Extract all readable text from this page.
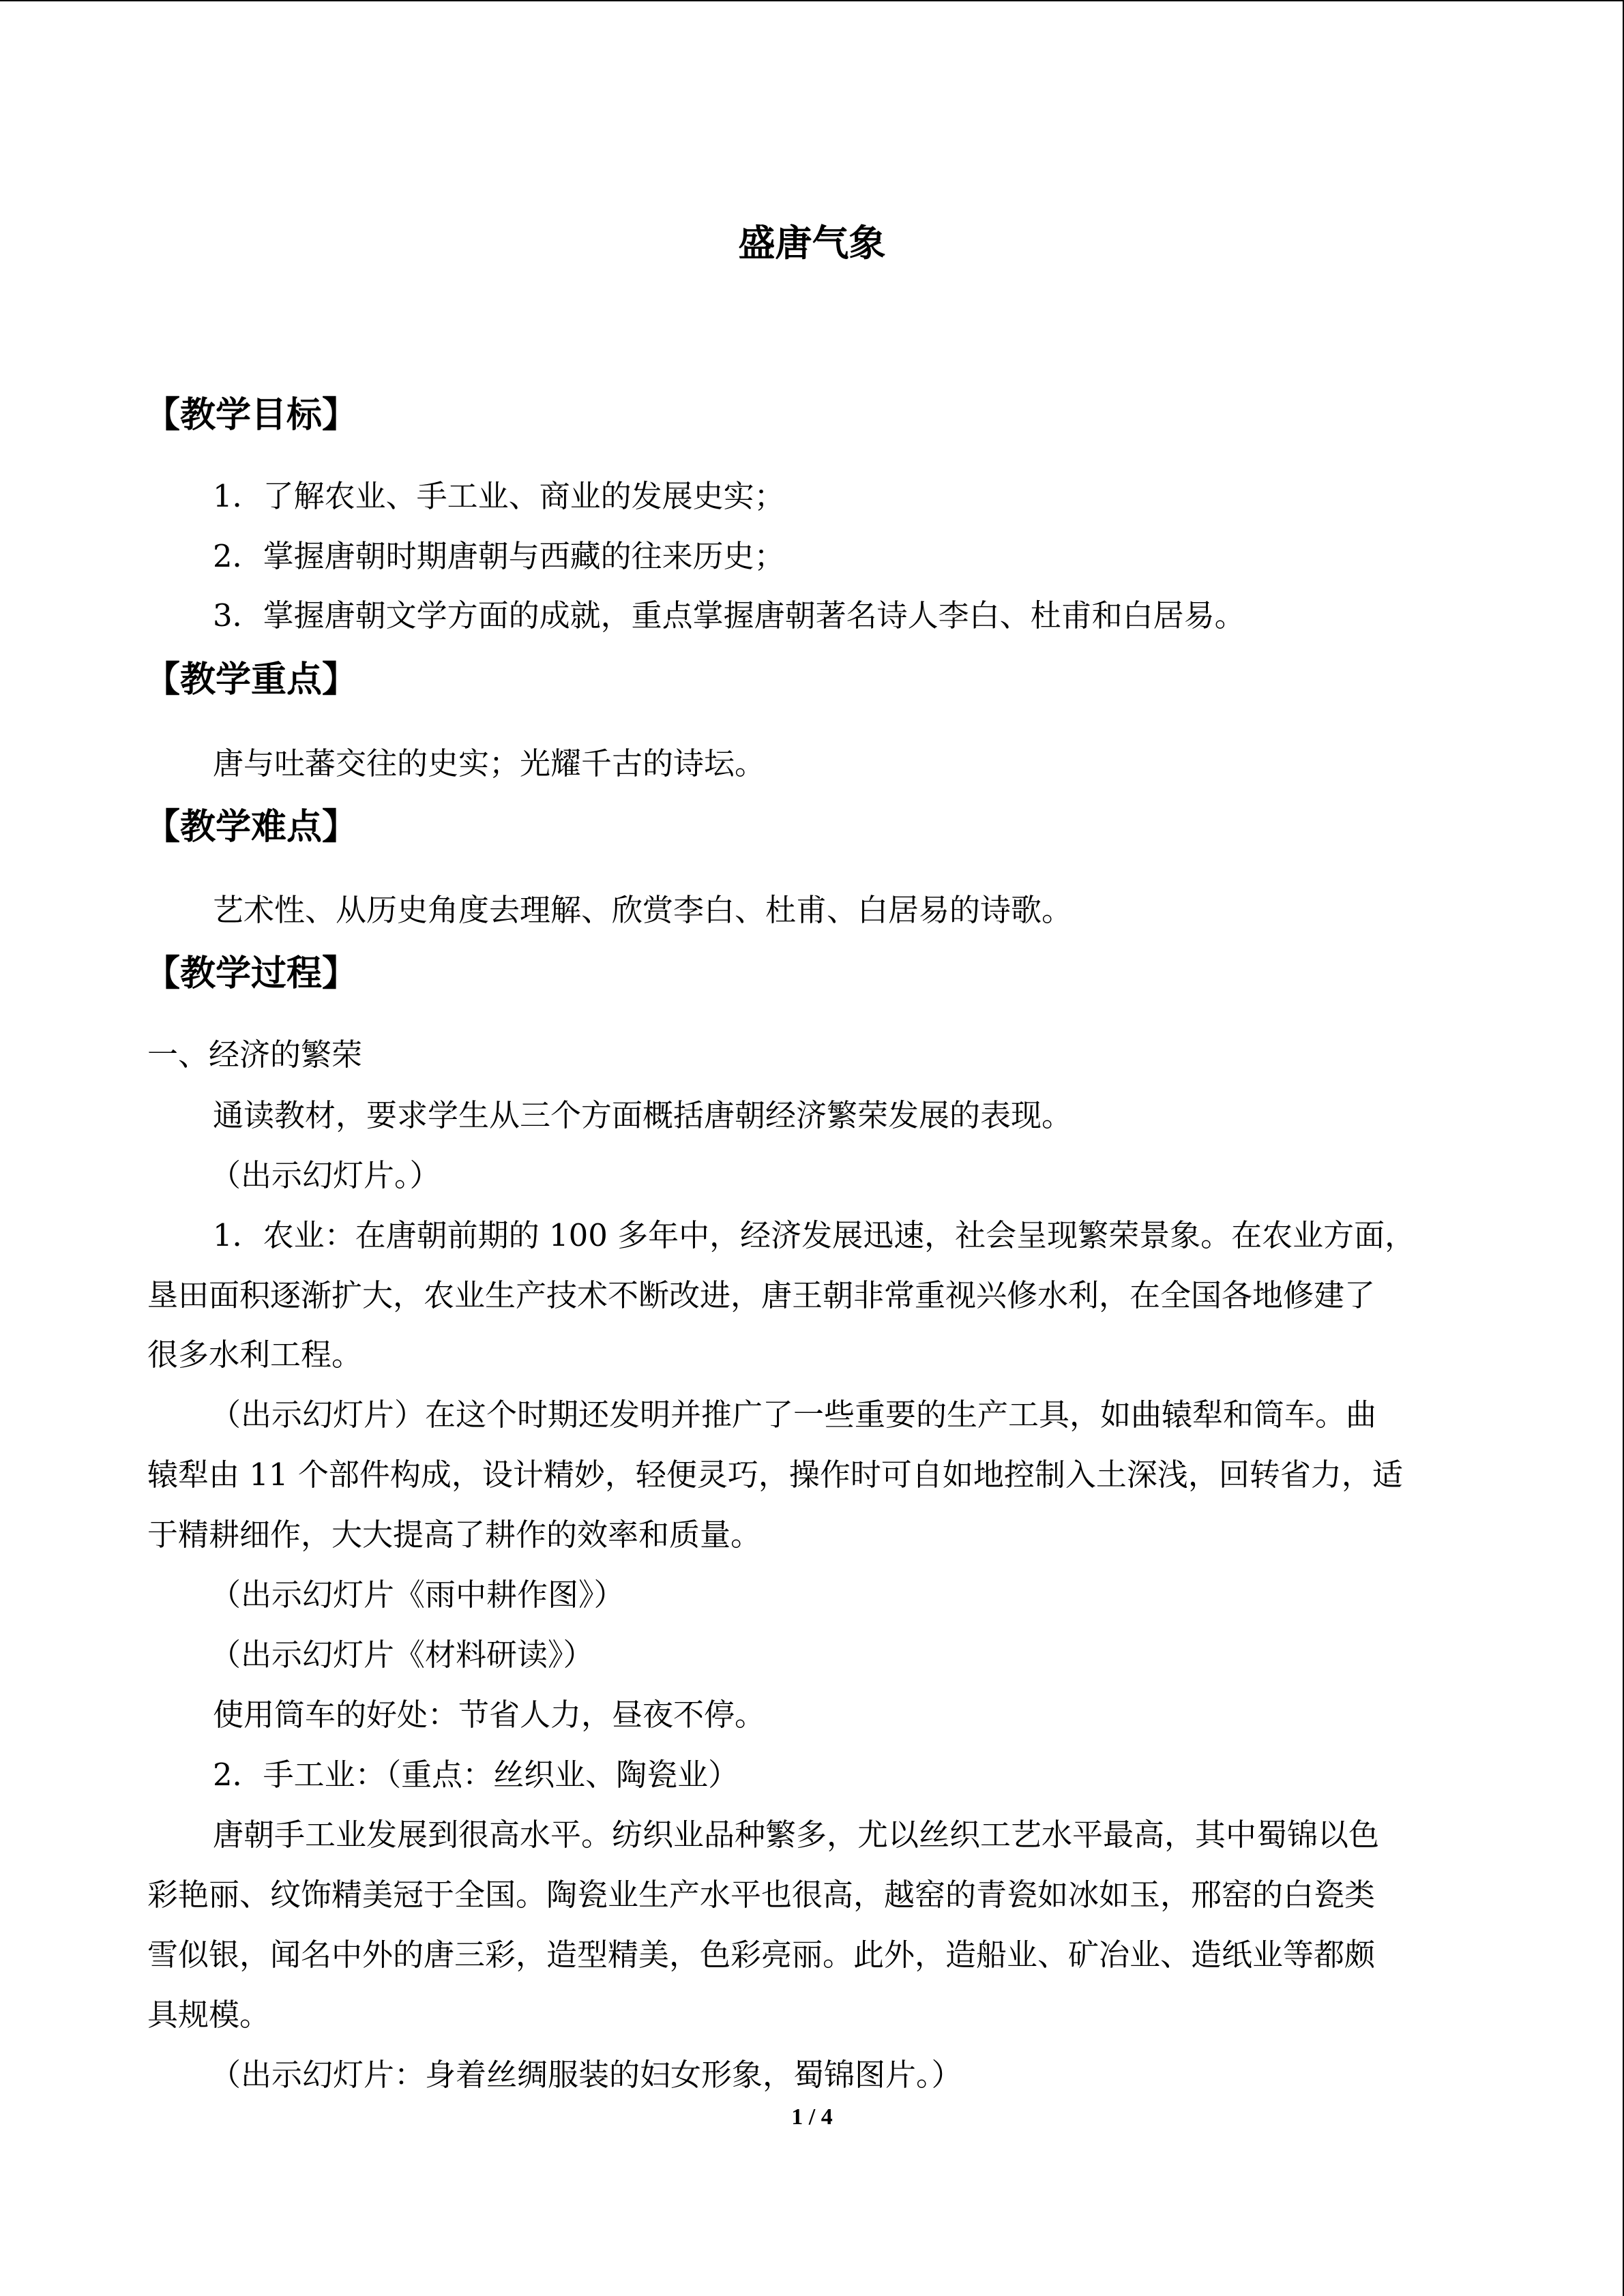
盛唐气象
【教学目标】
1．了解农业、手工业、商业的发展史实；
2．掌握唐朝时期唐朝与西藏的往来历史；
3．掌握唐朝文学方面的成就，重点掌握唐朝著名诗人李白、杜甫和白居易。
【教学重点】
唐与吐蕃交往的史实；光耀千古的诗坛。
【教学难点】
艺术性、从历史角度去理解、欣赏李白、杜甫、白居易的诗歌。
【教学过程】
一、经济的繁荣
通读教材，要求学生从三个方面概括唐朝经济繁荣发展的表现。
（出示幻灯片。）
1．农业：在唐朝前期的 100 多年中，经济发展迅速，社会呈现繁荣景象。在农业方面，
垦田面积逐渐扩大，农业生产技术不断改进，唐王朝非常重视兴修水利，在全国各地修建了
很多水利工程。
（出示幻灯片）在这个时期还发明并推广了一些重要的生产工具，如曲辕犁和筒车。曲
辕犁由 11 个部件构成，设计精妙，轻便灵巧，操作时可自如地控制入土深浅，回转省力，适
于精耕细作，大大提高了耕作的效率和质量。
（出示幻灯片《雨中耕作图》）
（出示幻灯片《材料研读》）
使用筒车的好处：节省人力，昼夜不停。
2．手工业：（重点：丝织业、陶瓷业）
唐朝手工业发展到很高水平。纺织业品种繁多，尤以丝织工艺水平最高，其中蜀锦以色
彩艳丽、纹饰精美冠于全国。陶瓷业生产水平也很高，越窑的青瓷如冰如玉，邢窑的白瓷类
雪似银，闻名中外的唐三彩，造型精美，色彩亮丽。此外，造船业、矿冶业、造纸业等都颇
具规模。
（出示幻灯片：身着丝绸服装的妇女形象，蜀锦图片。）
1 / 4
